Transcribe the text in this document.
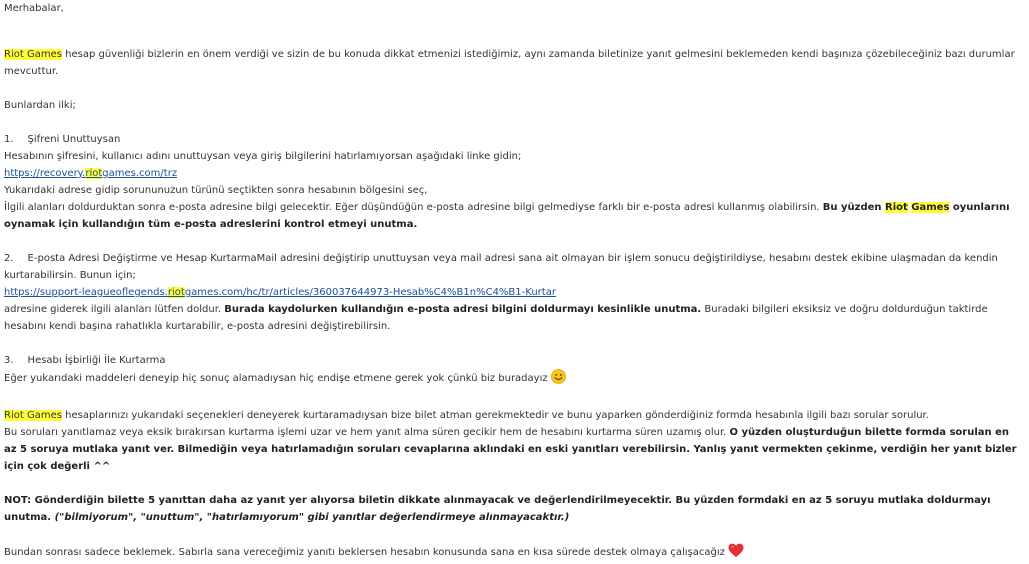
Merhabalar,

Riot Games hesap güvenliği bizlerin en önem verdiği ve sizin de bu konuda dikkat etmenizi istediğimiz, aynı zamanda biletinize yanıt gelmesini beklemeden kendi başınıza çözebileceğiniz bazı durumlar mevcuttur.

Bunlardan ilki;

1. Şifreni Unuttuysan

Hesabının şifresini, kullanıcı adını unuttuysan veya giriş bilgilerini hatırlamıyorsan aşağıdaki linke gidin;

https://recovery.riotgames.com/trz

Yukarıdaki adrese gidip sorununuzun türünü seçtikten sonra hesabının bölgesini seç,

İlgili alanları doldurduktan sonra e-posta adresine bilgi gelecektir. Eğer düşündüğün e-posta adresine bilgi gelmediyse farklı bir e-posta adresi kullanmış olabilirsin. Bu yüzden Riot Games oyunlarını oynamak için kullandığın tüm e-posta adreslerini kontrol etmeyi unutma.

2. E-posta Adresi Değiştirme ve Hesap KurtarmaMail adresini değiştirip unuttuysan veya mail adresi sana ait olmayan bir işlem sonucu değiştirildiyse, hesabını destek ekibine ulaşmadan da kendin kurtarabilirsin. Bunun için;

https://support-leagueoflegends.riotgames.com/hc/tr/articles/360037644973-Hesab%C4%B1n%C4%B1-Kurtar

adresine giderek ilgili alanları lütfen doldur. Burada kaydolurken kullandığın e-posta adresi bilgini doldurmayı kesinlikle unutma. Buradaki bilgileri eksiksiz ve doğru doldurduğun taktirde hesabını kendi başına rahatlıkla kurtarabilir, e-posta adresini değiştirebilirsin.

3. Hesabı İşbirliği İle Kurtarma

Eğer yukarıdaki maddeleri deneyip hiç sonuç alamadıysan hiç endişe etmene gerek yok çünkü biz buradayız

Riot Games hesaplarınızı yukarıdaki seçenekleri deneyerek kurtaramadıysan bize bilet atman gerekmektedir ve bunu yaparken gönderdiğiniz formda hesabınla ilgili bazı sorular sorulur.

Bu soruları yanıtlamaz veya eksik bırakırsan kurtarma işlemi uzar ve hem yanıt alma süren gecikir hem de hesabını kurtarma süren uzamış olur. O yüzden oluşturduğun bilette formda sorulan en az 5 soruya mutlaka yanıt ver. Bilmediğin veya hatırlamadığın soruları cevaplarına aklındaki en eski yanıtları verebilirsin. Yanlış yanıt vermekten çekinme, verdiğin her yanıt bizler için çok değerli ^^

NOT: Gönderdiğin bilette 5 yanıttan daha az yanıt yer alıyorsa biletin dikkate alınmayacak ve değerlendirilmeyecektir. Bu yüzden formdaki en az 5 soruyu mutlaka doldurmayı unutma. ("bilmiyorum", "unuttum", "hatırlamıyorum" gibi yanıtlar değerlendirmeye alınmayacaktır.)

Bundan sonrası sadece beklemek. Sabırla sana vereceğimiz yanıtı beklersen hesabın konusunda sana en kısa sürede destek olmaya çalışacağız
